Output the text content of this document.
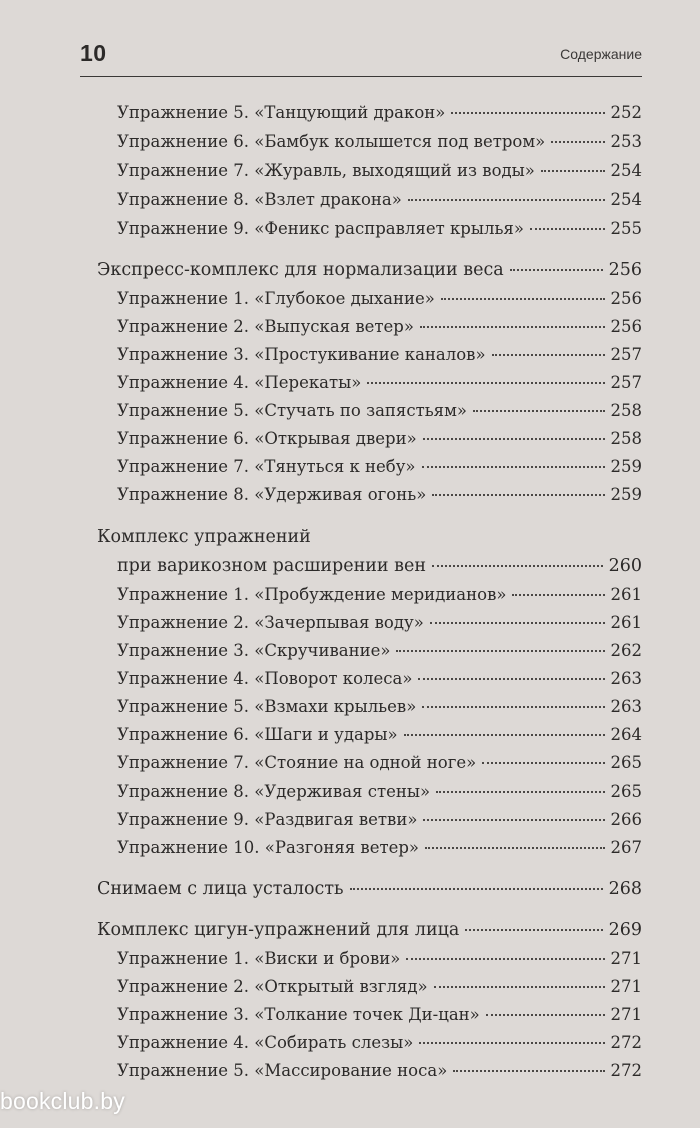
10	Содержание
Упражнение 5. «Танцующий дракон»	252
Упражнение 6. «Бамбук колышется под ветром»	253
Упражнение 7. «Журавль, выходящий из воды»	254
Упражнение 8. «Взлет дракона»	254
Упражнение 9. «Феникс расправляет крылья»	255
Экспресс-комплекс для нормализации веса	256
Упражнение 1. «Глубокое дыхание»	256
Упражнение 2. «Выпуская ветер»	256
Упражнение 3. «Простукивание каналов»	257
Упражнение 4. «Перекаты»	257
Упражнение 5. «Стучать по запястьям»	258
Упражнение 6. «Открывая двери»	258
Упражнение 7. «Тянуться к небу»	259
Упражнение 8. «Удерживая огонь»	259
Комплекс упражнений
при варикозном расширении вен	260
Упражнение 1. «Пробуждение меридианов»	261
Упражнение 2. «Зачерпывая воду»	261
Упражнение 3. «Скручивание»	262
Упражнение 4. «Поворот колеса»	263
Упражнение 5. «Взмахи крыльев»	263
Упражнение 6. «Шаги и удары»	264
Упражнение 7. «Стояние на одной ноге»	265
Упражнение 8. «Удерживая стены»	265
Упражнение 9. «Раздвигая ветви»	266
Упражнение 10. «Разгоняя ветер»	267
Снимаем с лица усталость	268
Комплекс цигун-упражнений для лица	269
Упражнение 1. «Виски и брови»	271
Упражнение 2. «Открытый взгляд»	271
Упражнение 3. «Толкание точек Ди-цан»	271
Упражнение 4. «Собирать слезы»	272
Упражнение 5. «Массирование носа»	272
bookclub.by
